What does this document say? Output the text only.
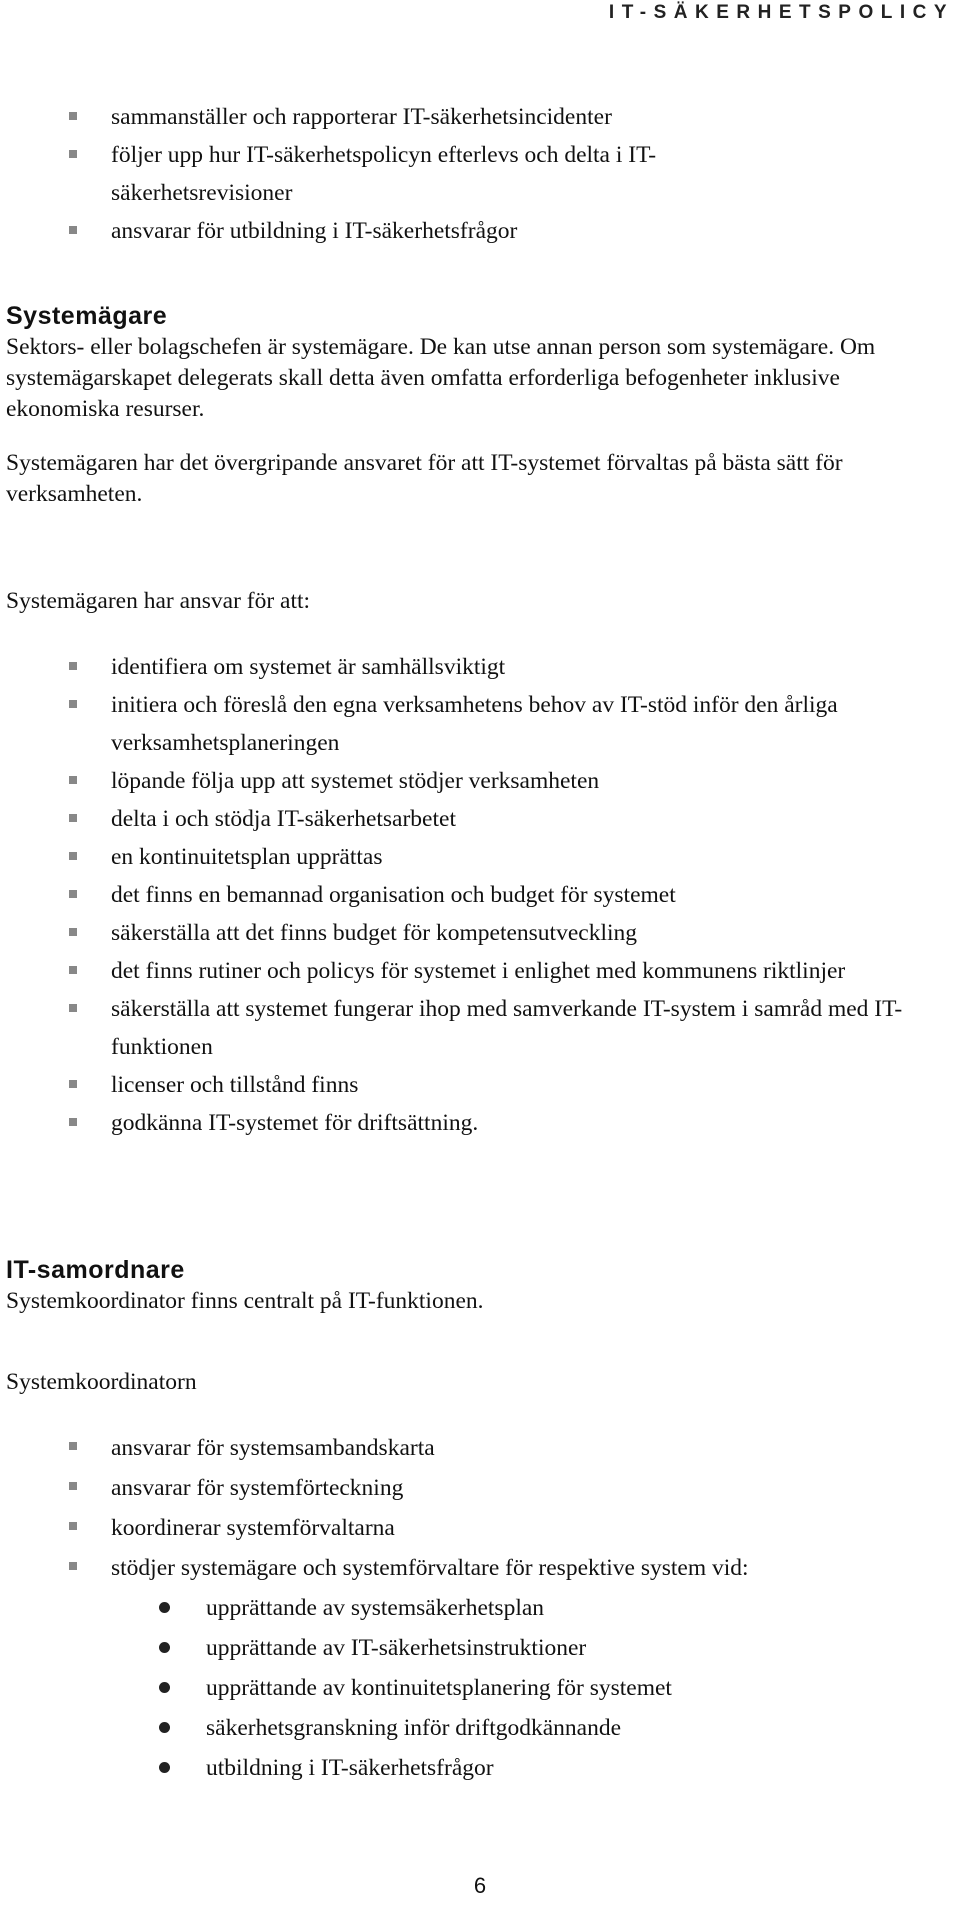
IT-SÄKERHETSPOLICY
sammanställer och rapporterar IT-säkerhetsincidenter
följer upp hur IT-säkerhetspolicyn efterlevs och delta i IT-säkerhetsrevisioner
ansvarar för utbildning i IT-säkerhetsfrågor
Systemägare
Sektors- eller bolagschefen är systemägare. De kan utse annan person som systemägare. Om systemägarskapet delegerats skall detta även omfatta erforderliga befogenheter inklusive ekonomiska resurser.
Systemägaren har det övergripande ansvaret för att IT-systemet förvaltas på bästa sätt för verksamheten.
Systemägaren har ansvar för att:
identifiera om systemet är samhällsviktigt
initiera och föreslå den egna verksamhetens behov av IT-stöd inför den årliga verksamhetsplaneringen
löpande följa upp att systemet stödjer verksamheten
delta i och stödja IT-säkerhetsarbetet
en kontinuitetsplan upprättas
det finns en bemannad organisation och budget för systemet
säkerställa att det finns budget för kompetensutveckling
det finns rutiner och policys för systemet i enlighet med kommunens riktlinjer
säkerställa att systemet fungerar ihop med samverkande IT-system i samråd med IT-funktionen
licenser och tillstånd finns
godkänna IT-systemet för driftsättning.
IT-samordnare
Systemkoordinator finns centralt på IT-funktionen.
Systemkoordinatorn
ansvarar för systemsambandskarta
ansvarar för systemförteckning
koordinerar systemförvaltarna
stödjer systemägare och systemförvaltare för respektive system vid:
upprättande av systemsäkerhetsplan
upprättande av IT-säkerhetsinstruktioner
upprättande av kontinuitetsplanering för systemet
säkerhetsgranskning inför driftgodkännande
utbildning i IT-säkerhetsfrågor
6
